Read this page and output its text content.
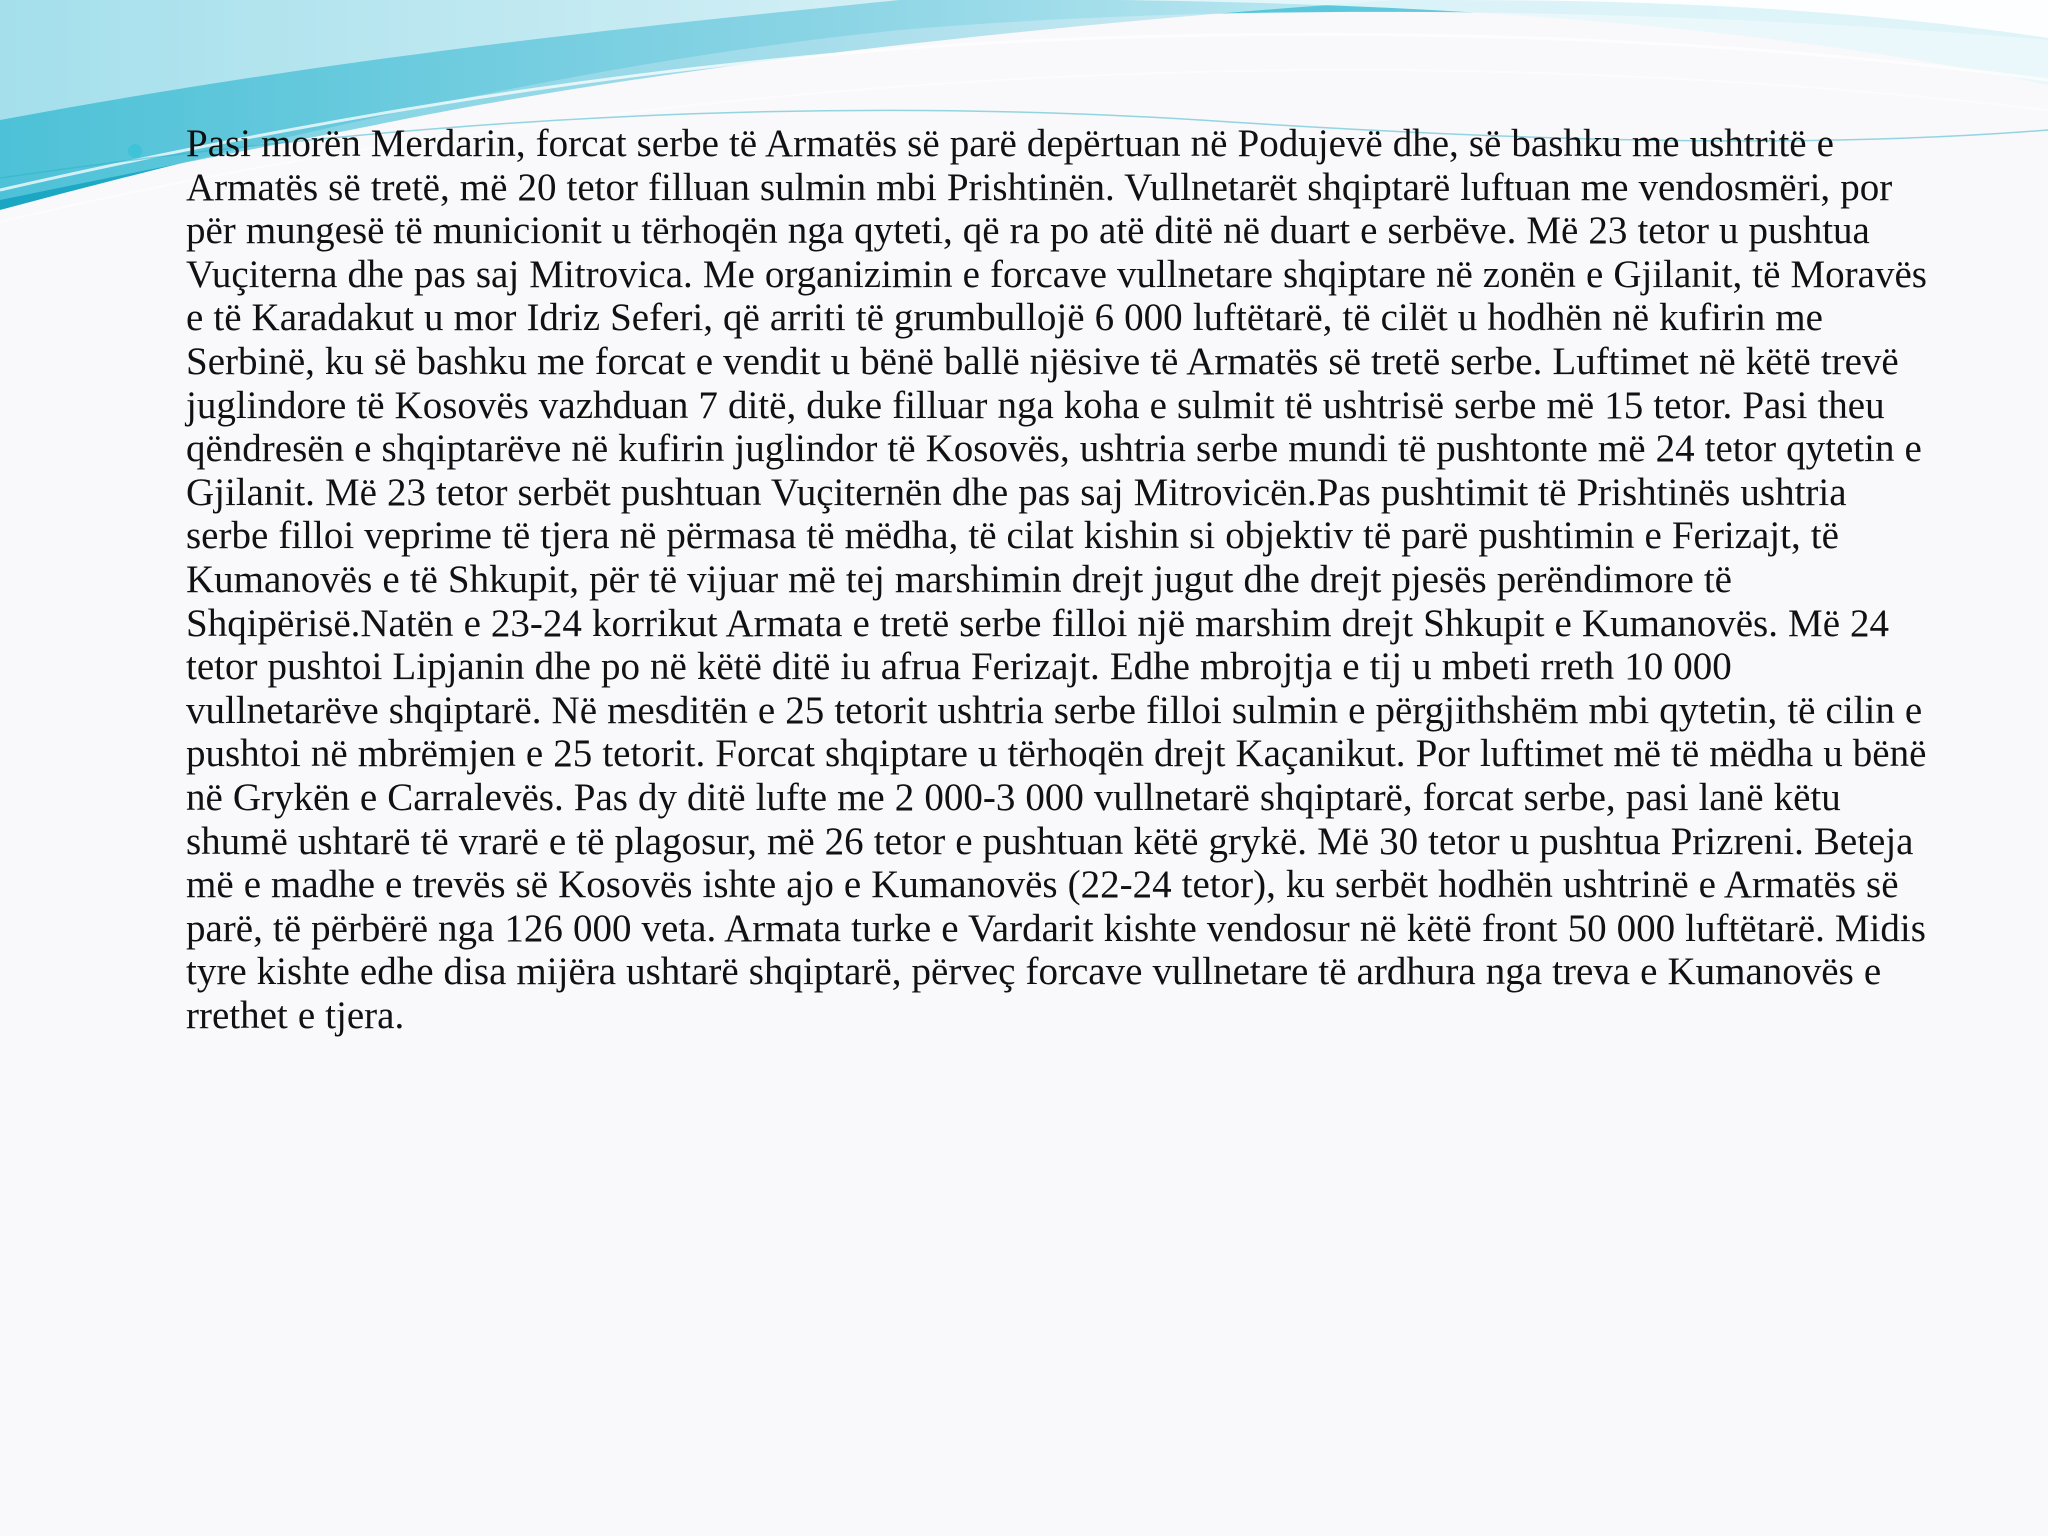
Pasi morën Merdarin, forcat serbe të Armatës së parë depërtuan në Podujevë dhe, së bashku me ushtritë e Armatës së tretë, më 20 tetor filluan sulmin mbi Prishtinën. Vullnetarët shqiptarë luftuan me vendosmëri, por për mungesë të municionit u tërhoqën nga qyteti, që ra po atë ditë në duart e serbëve. Më 23 tetor u pushtua Vuçiterna dhe pas saj Mitrovica. Me organizimin e forcave vullnetare shqiptare në zonën e Gjilanit, të Moravës e të Karadakut u mor Idriz Seferi, që arriti të grumbullojë 6 000 luftëtarë, të cilët u hodhën në kufirin me Serbinë, ku së bashku me forcat e vendit u bënë ballë njësive të Armatës së tretë serbe. Luftimet në këtë trevë juglindore të Kosovës vazhduan 7 ditë, duke filluar nga koha e sulmit të ushtrisë serbe më 15 tetor. Pasi theu qëndresën e shqiptarëve në kufirin juglindor të Kosovës, ushtria serbe mundi të pushtonte më 24 tetor qytetin e Gjilanit. Më 23 tetor serbët pushtuan Vuçiternën dhe pas saj Mitrovicën.Pas pushtimit të Prishtinës ushtria serbe filloi veprime të tjera në përmasa të mëdha, të cilat kishin si objektiv të parë pushtimin e Ferizajt, të Kumanovës e të Shkupit, për të vijuar më tej marshimin drejt jugut dhe drejt pjesës perëndimore të Shqipërisë.Natën e 23-24 korrikut Armata e tretë serbe filloi një marshim drejt Shkupit e Kumanovës. Më 24 tetor pushtoi Lipjanin dhe po në këtë ditë iu afrua Ferizajt. Edhe mbrojtja e tij u mbeti rreth 10 000 vullnetarëve shqiptarë. Në mesditën e 25 tetorit ushtria serbe filloi sulmin e përgjithshëm mbi qytetin, të cilin e pushtoi në mbrëmjen e 25 tetorit. Forcat shqiptare u tërhoqën drejt Kaçanikut. Por luftimet më të mëdha u bënë në Grykën e Carralevës. Pas dy ditë lufte me 2 000-3 000 vullnetarë shqiptarë, forcat serbe, pasi lanë këtu shumë ushtarë të vrarë e të plagosur, më 26 tetor e pushtuan këtë grykë. Më 30 tetor u pushtua Prizreni. Beteja më e madhe e trevës së Kosovës ishte ajo e Kumanovës (22-24 tetor), ku serbët hodhën ushtrinë e Armatës së parë, të përbërë nga 126 000 veta. Armata turke e Vardarit kishte vendosur në këtë front 50 000 luftëtarë. Midis tyre kishte edhe disa mijëra ushtarë shqiptarë, përveç forcave vullnetare të ardhura nga treva e Kumanovës e rrethet e tjera.
